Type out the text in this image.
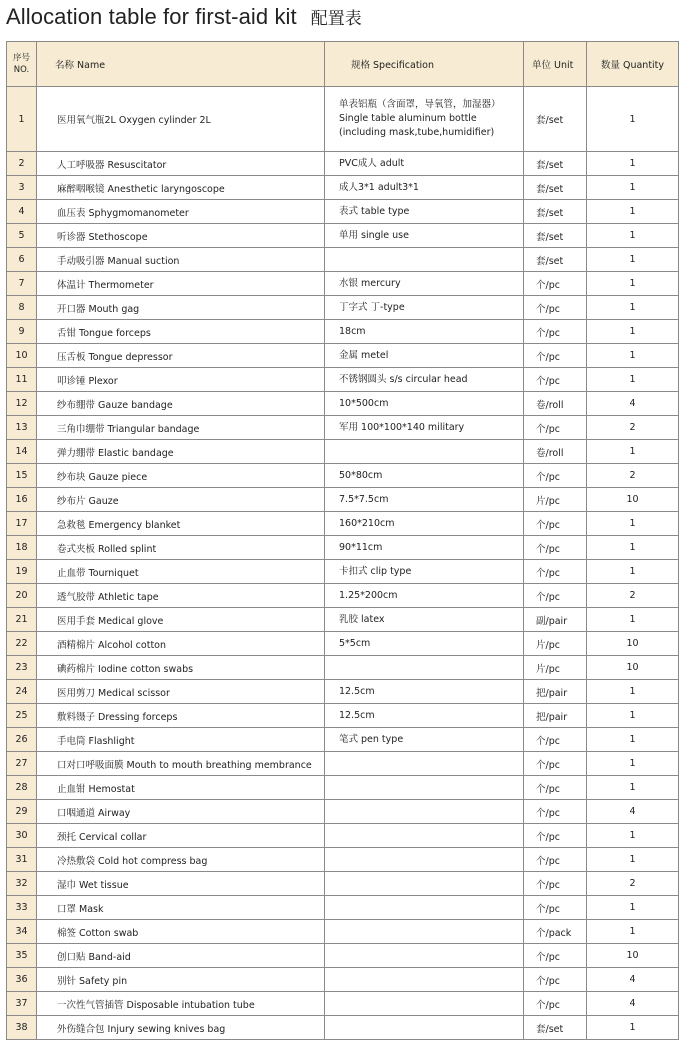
Allocation table for first-aid kit 配置表
序号
NO.	名称 Name	规格 Specification	单位 Unit	数量 Quantity
1	医用氧气瓶2L Oxygen cylinder 2L	单表铝瓶（含面罩，导氧管，加湿器）
Single table aluminum bottle
(including mask,tube,humidifier)	套/set	1
2	人工呼吸器 Resuscitator	PVC成人 adult	套/set	1
3	麻醉咽喉镜 Anesthetic laryngoscope	成人3*1 adult3*1	套/set	1
4	血压表 Sphygmomanometer	表式 table type	套/set	1
5	听诊器 Stethoscope	单用 single use	套/set	1
6	手动吸引器 Manual suction		套/set	1
7	体温计 Thermometer	水银 mercury	个/pc	1
8	开口器 Mouth gag	丁字式 丁-type	个/pc	1
9	舌钳 Tongue forceps	18cm	个/pc	1
10	压舌板 Tongue depressor	金属 metel	个/pc	1
11	叩诊锤 Plexor	不锈钢圆头 s/s circular head	个/pc	1
12	纱布绷带 Gauze bandage	10*500cm	卷/roll	4
13	三角巾绷带 Triangular bandage	军用 100*100*140 military	个/pc	2
14	弹力绷带 Elastic bandage		卷/roll	1
15	纱布块 Gauze piece	50*80cm	个/pc	2
16	纱布片 Gauze	7.5*7.5cm	片/pc	10
17	急救毯 Emergency blanket	160*210cm	个/pc	1
18	卷式夹板 Rolled splint	90*11cm	个/pc	1
19	止血带 Tourniquet	卡扣式 clip type	个/pc	1
20	透气胶带 Athletic tape	1.25*200cm	个/pc	2
21	医用手套 Medical glove	乳胶 latex	副/pair	1
22	酒精棉片 Alcohol cotton	5*5cm	片/pc	10
23	碘药棉片 Iodine cotton swabs		片/pc	10
24	医用剪刀 Medical scissor	12.5cm	把/pair	1
25	敷料镊子 Dressing forceps	12.5cm	把/pair	1
26	手电筒 Flashlight	笔式 pen type	个/pc	1
27	口对口呼吸面膜 Mouth to mouth breathing membrance		个/pc	1
28	止血钳 Hemostat		个/pc	1
29	口咽通道 Airway		个/pc	4
30	颈托 Cervical collar		个/pc	1
31	冷热敷袋 Cold hot compress bag		个/pc	1
32	湿巾 Wet tissue		个/pc	2
33	口罩 Mask		个/pc	1
34	棉签 Cotton swab		个/pack	1
35	创口贴 Band-aid		个/pc	10
36	别针 Safety pin		个/pc	4
37	一次性气管插管 Disposable intubation tube		个/pc	4
38	外伤缝合包 Injury sewing knives bag		套/set	1
